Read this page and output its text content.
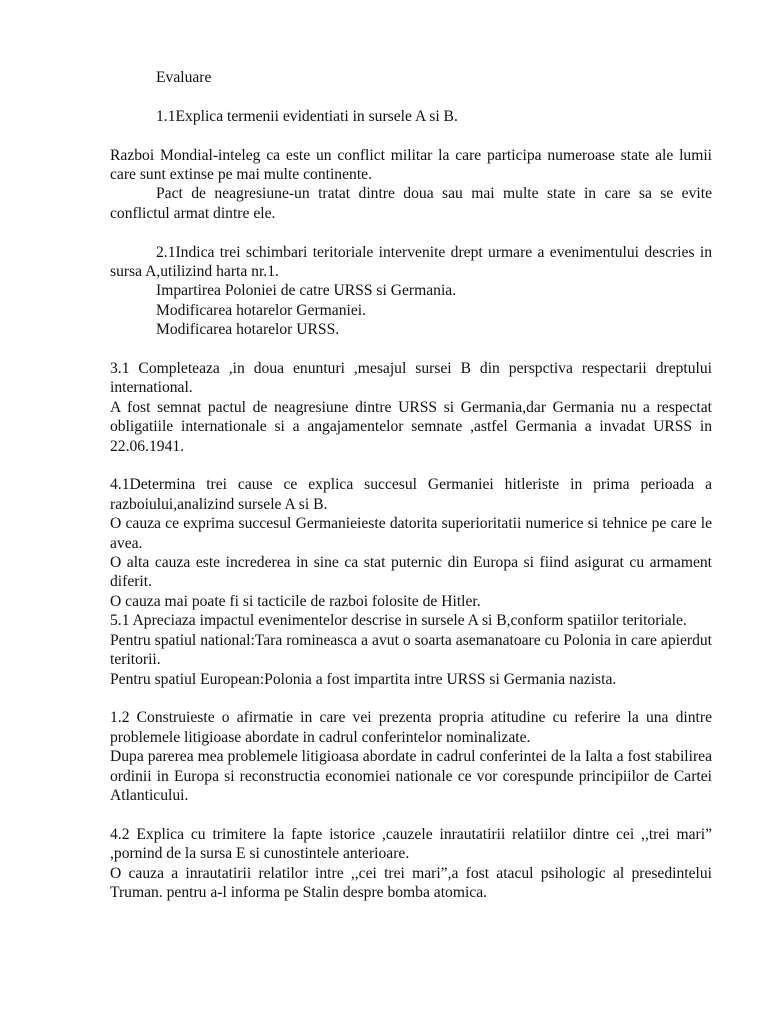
Evaluare

1.1Explica termenii evidentiati in sursele A si B.

Razboi Mondial-inteleg ca este un conflict militar la care participa numeroase state ale lumii care sunt extinse pe mai multe continente.

Pact de neagresiune-un tratat dintre doua sau mai multe state in care sa se evite conflictul armat dintre ele.

2.1Indica trei schimbari teritoriale intervenite drept urmare a evenimentului descries in sursa A,utilizind harta nr.1.

Impartirea Poloniei de catre URSS si Germania.

Modificarea hotarelor Germaniei.

Modificarea hotarelor URSS.

3.1 Completeaza ,in doua enunturi ,mesajul sursei B din perspctiva respectarii dreptului international.

A fost semnat pactul de neagresiune dintre URSS si Germania,dar Germania nu a respectat obligatiile internationale si a angajamentelor semnate ,astfel Germania a invadat URSS in 22.06.1941.

4.1Determina trei cause ce explica succesul Germaniei hitleriste in prima perioada a razboiului,analizind sursele A si B.

O cauza ce exprima succesul Germanieieste datorita superioritatii numerice si tehnice pe care le avea.

O alta cauza este increderea in sine ca stat puternic din Europa si fiind asigurat cu armament diferit.

O cauza mai poate fi si tacticile de razboi folosite de Hitler.

5.1 Apreciaza impactul evenimentelor descrise in sursele A si B,conform spatiilor teritoriale.

Pentru spatiul national:Tara romineasca a avut o soarta asemanatoare cu Polonia in care apierdut teritorii.

Pentru spatiul European:Polonia a fost impartita intre URSS si Germania nazista.

1.2 Construieste o afirmatie in care vei prezenta propria atitudine cu referire la una dintre problemele litigioase abordate in cadrul conferintelor nominalizate.

Dupa parerea mea problemele litigioasa abordate in cadrul conferintei de la Ialta a fost stabilirea ordinii in Europa si reconstructia economiei nationale ce vor corespunde principiilor de Cartei Atlanticului.

4.2 Explica cu trimitere la fapte istorice ,cauzele inrautatirii relatiilor dintre cei ,,trei mari” ,pornind de la sursa E si cunostintele anterioare.

O cauza a inrautatirii relatilor intre ,,cei trei mari”,a fost atacul psihologic al presedintelui Truman. pentru a-l informa pe Stalin despre bomba atomica.
